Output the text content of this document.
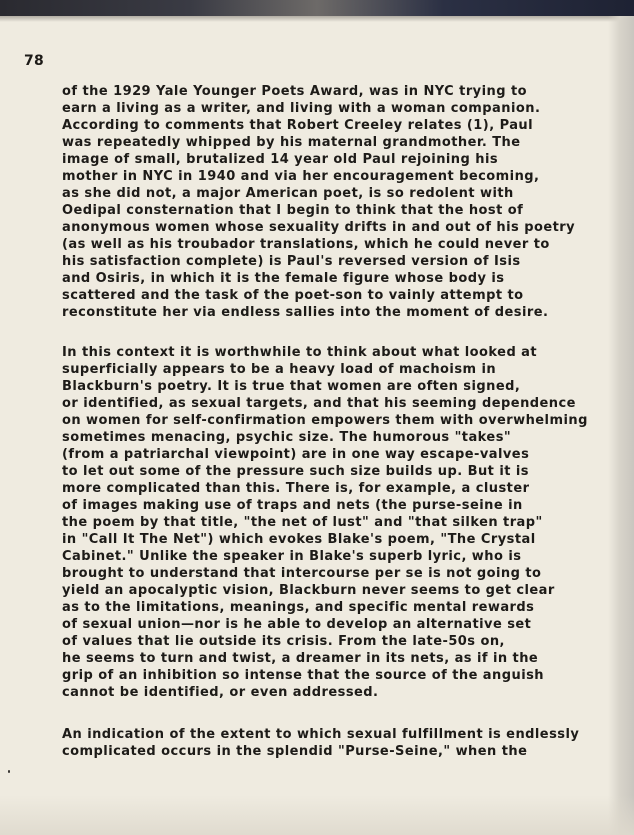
78

of the 1929 Yale Younger Poets Award, was in NYC trying to
earn a living as a writer, and living with a woman companion.
According to comments that Robert Creeley relates (1), Paul
was repeatedly whipped by his maternal grandmother. The
image of small, brutalized 14 year old Paul rejoining his
mother in NYC in 1940 and via her encouragement becoming,
as she did not, a major American poet, is so redolent with
Oedipal consternation that I begin to think that the host of
anonymous women whose sexuality drifts in and out of his poetry
(as well as his troubador translations, which he could never to
his satisfaction complete) is Paul's reversed version of Isis
and Osiris, in which it is the female figure whose body is
scattered and the task of the poet-son to vainly attempt to
reconstitute her via endless sallies into the moment of desire.

In this context it is worthwhile to think about what looked at
superficially appears to be a heavy load of machoism in
Blackburn's poetry. It is true that women are often signed,
or identified, as sexual targets, and that his seeming dependence
on women for self-confirmation empowers them with overwhelming
sometimes menacing, psychic size. The humorous "takes"
(from a patriarchal viewpoint) are in one way escape-valves
to let out some of the pressure such size builds up. But it is
more complicated than this. There is, for example, a cluster
of images making use of traps and nets (the purse-seine in
the poem by that title, "the net of lust" and "that silken trap"
in "Call It The Net") which evokes Blake's poem, "The Crystal
Cabinet." Unlike the speaker in Blake's superb lyric, who is
brought to understand that intercourse per se is not going to
yield an apocalyptic vision, Blackburn never seems to get clear
as to the limitations, meanings, and specific mental rewards
of sexual union—nor is he able to develop an alternative set
of values that lie outside its crisis. From the late-50s on,
he seems to turn and twist, a dreamer in its nets, as if in the
grip of an inhibition so intense that the source of the anguish
cannot be identified, or even addressed.

An indication of the extent to which sexual fulfillment is endlessly
complicated occurs in the splendid "Purse-Seine," when the
